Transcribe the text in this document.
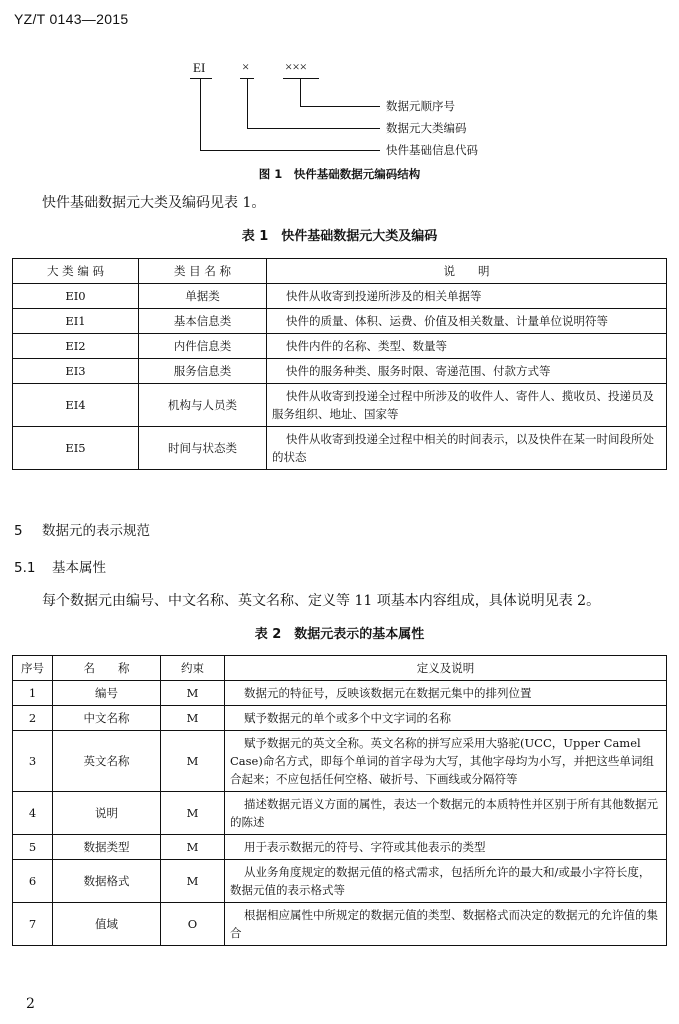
YZ/T 0143—2015
EI	×	×××
数据元顺序号
数据元大类编码
快件基础信息代码
图 1　快件基础数据元编码结构
快件基础数据元大类及编码见表 1。
表 1　快件基础数据元大类及编码
大 类 编 码	类 目 名 称	说　　明
EI0	单据类	快件从收寄到投递所涉及的相关单据等
EI1	基本信息类	快件的质量、体积、运费、价值及相关数量、计量单位说明符等
EI2	内件信息类	快件内件的名称、类型、数量等
EI3	服务信息类	快件的服务种类、服务时限、寄递范围、付款方式等
EI4	机构与人员类	快件从收寄到投递全过程中所涉及的收件人、寄件人、揽收员、投递员及服务组织、地址、国家等
EI5	时间与状态类	快件从收寄到投递全过程中相关的时间表示，以及快件在某一时间段所处的状态
5 数据元的表示规范
5.1 基本属性
每个数据元由编号、中文名称、英文名称、定义等 11 项基本内容组成，具体说明见表 2。
表 2　数据元表示的基本属性
序号	名　　称	约束	定义及说明
1	编号	M	数据元的特征号，反映该数据元在数据元集中的排列位置
2	中文名称	M	赋予数据元的单个或多个中文字词的名称
3	英文名称	M	赋予数据元的英文全称。英文名称的拼写应采用大骆驼(UCC，Upper Camel Case)命名方式，即每个单词的首字母为大写，其他字母均为小写，并把这些单词组合起来；不应包括任何空格、破折号、下画线或分隔符等
4	说明	M	描述数据元语义方面的属性，表达一个数据元的本质特性并区别于所有其他数据元的陈述
5	数据类型	M	用于表示数据元的符号、字符或其他表示的类型
6	数据格式	M	从业务角度规定的数据元值的格式需求，包括所允许的最大和/或最小字符长度，数据元值的表示格式等
7	值域	O	根据相应属性中所规定的数据元值的类型、数据格式而决定的数据元的允许值的集合
2
